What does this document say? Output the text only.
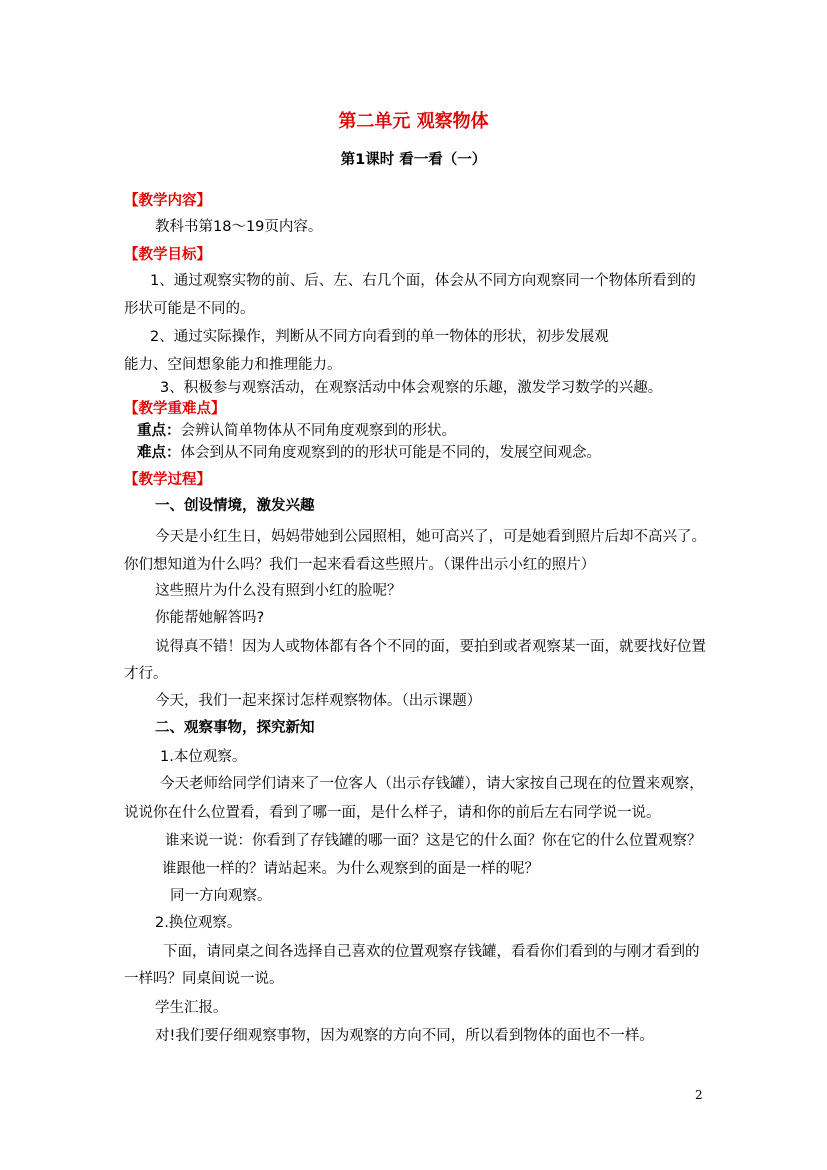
第二单元 观察物体
第1课时 看一看（一）
【教学内容】
教科书第18～19页内容。
【教学目标】
1、通过观察实物的前、后、左、右几个面，体会从不同方向观察同一个物体所看到的
形状可能是不同的。
2、通过实际操作，判断从不同方向看到的单一物体的形状，初步发展观
能力、空间想象能力和推理能力。
3、积极参与观察活动，在观察活动中体会观察的乐趣，激发学习数学的兴趣。
【教学重难点】
重点：会辨认简单物体从不同角度观察到的形状。
难点：体会到从不同角度观察到的的形状可能是不同的，发展空间观念。
【教学过程】
一、创设情境，激发兴趣
今天是小红生日，妈妈带她到公园照相，她可高兴了，可是她看到照片后却不高兴了。
你们想知道为什么吗？我们一起来看看这些照片。（课件出示小红的照片）
这些照片为什么没有照到小红的脸呢？
你能帮她解答吗?
说得真不错！因为人或物体都有各个不同的面，要拍到或者观察某一面，就要找好位置
才行。
今天，我们一起来探讨怎样观察物体。（出示课题）
二、观察事物，探究新知
1.本位观察。
今天老师给同学们请来了一位客人（出示存钱罐），请大家按自己现在的位置来观察，
说说你在什么位置看，看到了哪一面，是什么样子，请和你的前后左右同学说一说。
谁来说一说：你看到了存钱罐的哪一面？这是它的什么面？你在它的什么位置观察？
谁跟他一样的？请站起来。为什么观察到的面是一样的呢？
同一方向观察。
2.换位观察。
下面，请同桌之间各选择自己喜欢的位置观察存钱罐，看看你们看到的与刚才看到的
一样吗？同桌间说一说。
学生汇报。
对!我们要仔细观察事物，因为观察的方向不同，所以看到物体的面也不一样。
2
